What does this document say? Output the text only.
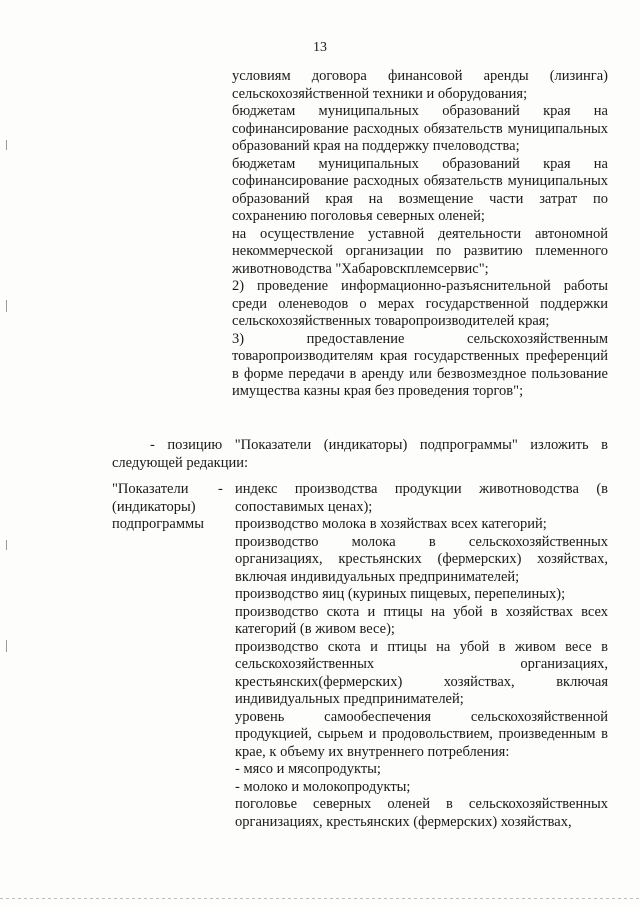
13

условиям договора финансовой аренды (лизинга) сельскохозяйственной техники и оборудования;

бюджетам муниципальных образований края на софинансирование расходных обязательств муниципальных образований края на поддержку пчеловодства;

бюджетам муниципальных образований края на софинансирование расходных обязательств муниципальных образований края на возмещение части затрат по сохранению поголовья северных оленей;

на осуществление уставной деятельности автономной некоммерческой организации по развитию племенного животноводства "Хабаровскплемсервис";

2) проведение информационно-разъяснительной работы среди оленеводов о мерах государственной поддержки сельскохозяйственных товаропроизводителей края;

3) предоставление сельскохозяйственным товаропроизводителям края государственных преференций в форме передачи в аренду или безвозмездное пользование имущества казны края без проведения торгов";

- позицию "Показатели (индикаторы) подпрограммы" изложить в следующей редакции:

"Показатели (индикаторы) подпрограммы

- индекс производства продукции животноводства (в сопоставимых ценах);

производство молока в хозяйствах всех категорий;

производство молока в сельскохозяйственных организациях, крестьянских (фермерских) хозяйствах, включая индивидуальных предпринимателей;

производство яиц (куриных пищевых, перепелиных);

производство скота и птицы на убой в хозяйствах всех категорий (в живом весе);

производство скота и птицы на убой в живом весе в сельскохозяйственных организациях, крестьянских(фермерских) хозяйствах, включая индивидуальных предпринимателей;

уровень самообеспечения сельскохозяйственной продукцией, сырьем и продовольствием, произведенным в крае, к объему их внутреннего потребления:

- мясо и мясопродукты;

- молоко и молокопродукты;

поголовье северных оленей в сельскохозяйственных организациях, крестьянских (фермерских) хозяйствах,
